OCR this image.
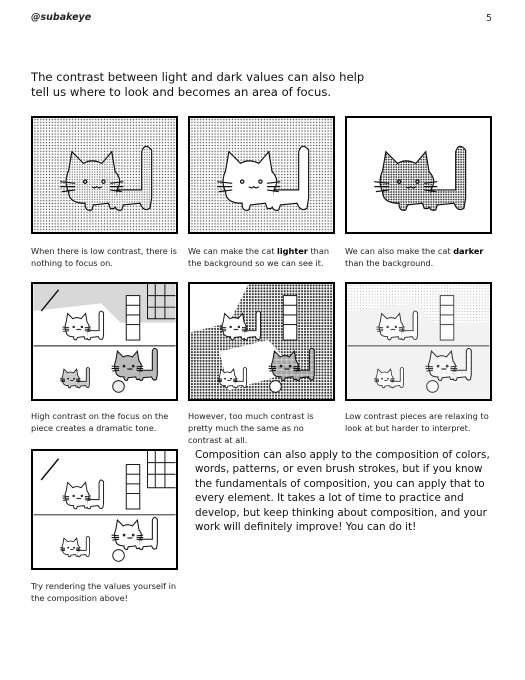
@subakeye	5
The contrast between light and dark values can also help tell us where to look and becomes an area of focus.
When there is low contrast, there is nothing to focus on.
We can make the cat lighter than the background so we can see it.
We can also make the cat darker than the background.
High contrast on the focus on the piece creates a dramatic tone.
However, too much contrast is pretty much the same as no contrast at all.
Low contrast pieces are relaxing to look at but harder to interpret.
Try rendering the values yourself in the composition above!
Composition can also apply to the composition of colors, words, patterns, or even brush strokes, but if you know the fundamentals of composition, you can apply that to every element. It takes a lot of time to practice and develop, but keep thinking about composition, and your work will definitely improve! You can do it!
